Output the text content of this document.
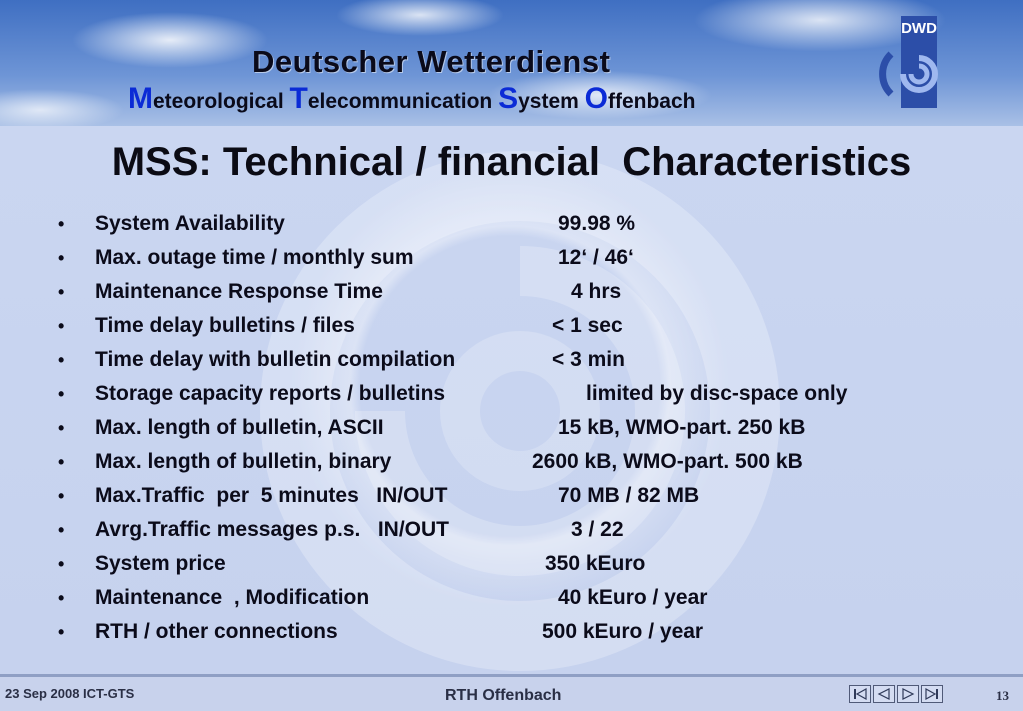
Deutscher Wetterdienst
Meteorological Telecommunication System Offenbach
DWD
MSS: Technical / financial  Characteristics
• System Availability	99.98 %
• Max. outage time / monthly sum	12‘ / 46‘
• Maintenance Response Time	4 hrs
• Time delay bulletins / files	< 1 sec
• Time delay with bulletin compilation	< 3 min
• Storage capacity reports / bulletins	limited by disc-space only
• Max. length of bulletin, ASCII	15 kB, WMO-part. 250 kB
• Max. length of bulletin, binary	2600 kB, WMO-part. 500 kB
• Max.Traffic  per  5 minutes   IN/OUT	70 MB / 82 MB
• Avrg.Traffic messages p.s.   IN/OUT	3 / 22
• System price	350 kEuro
• Maintenance  , Modification	40 kEuro / year
• RTH / other connections	500 kEuro / year
23 Sep 2008 ICT-GTS	RTH Offenbach	13
